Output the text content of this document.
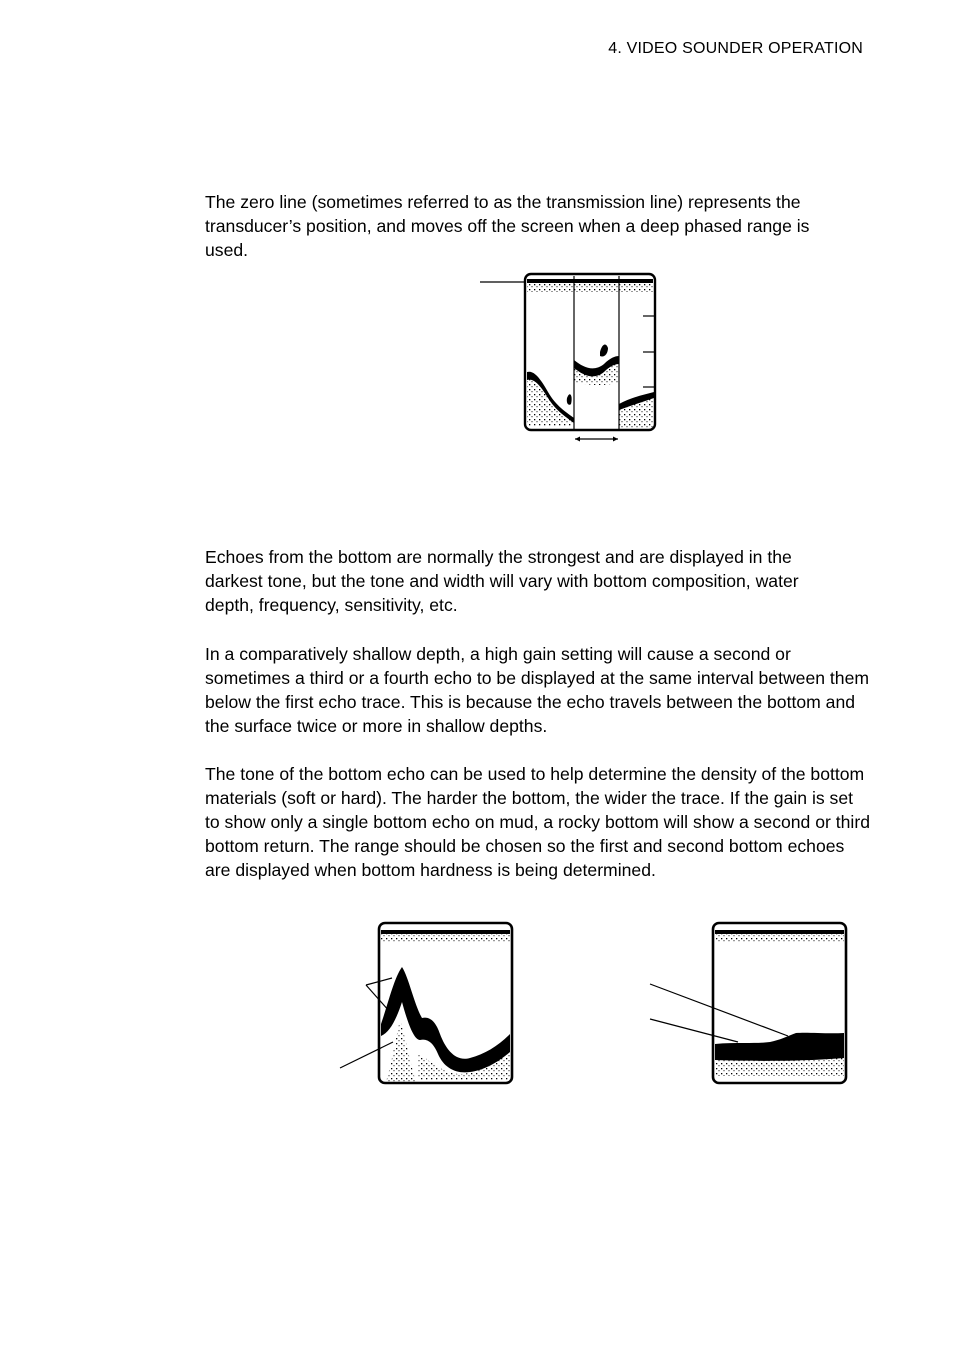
4. VIDEO SOUNDER OPERATION

The zero line (sometimes referred to as the transmission line) represents the transducer’s position, and moves off the screen when a deep phased range is used.

Echoes from the bottom are normally the strongest and are displayed in the darkest tone, but the tone and width will vary with bottom composition, water depth, frequency, sensitivity, etc.

In a comparatively shallow depth, a high gain setting will cause a second or sometimes a third or a fourth echo to be displayed at the same interval between them below the first echo trace. This is because the echo travels between the bottom and the surface twice or more in shallow depths.

The tone of the bottom echo can be used to help determine the density of the bottom materials (soft or hard). The harder the bottom, the wider the trace. If the gain is set to show only a single bottom echo on mud, a rocky bottom will show a second or third bottom return. The range should be chosen so the first and second bottom echoes are displayed when bottom hardness is being determined.
